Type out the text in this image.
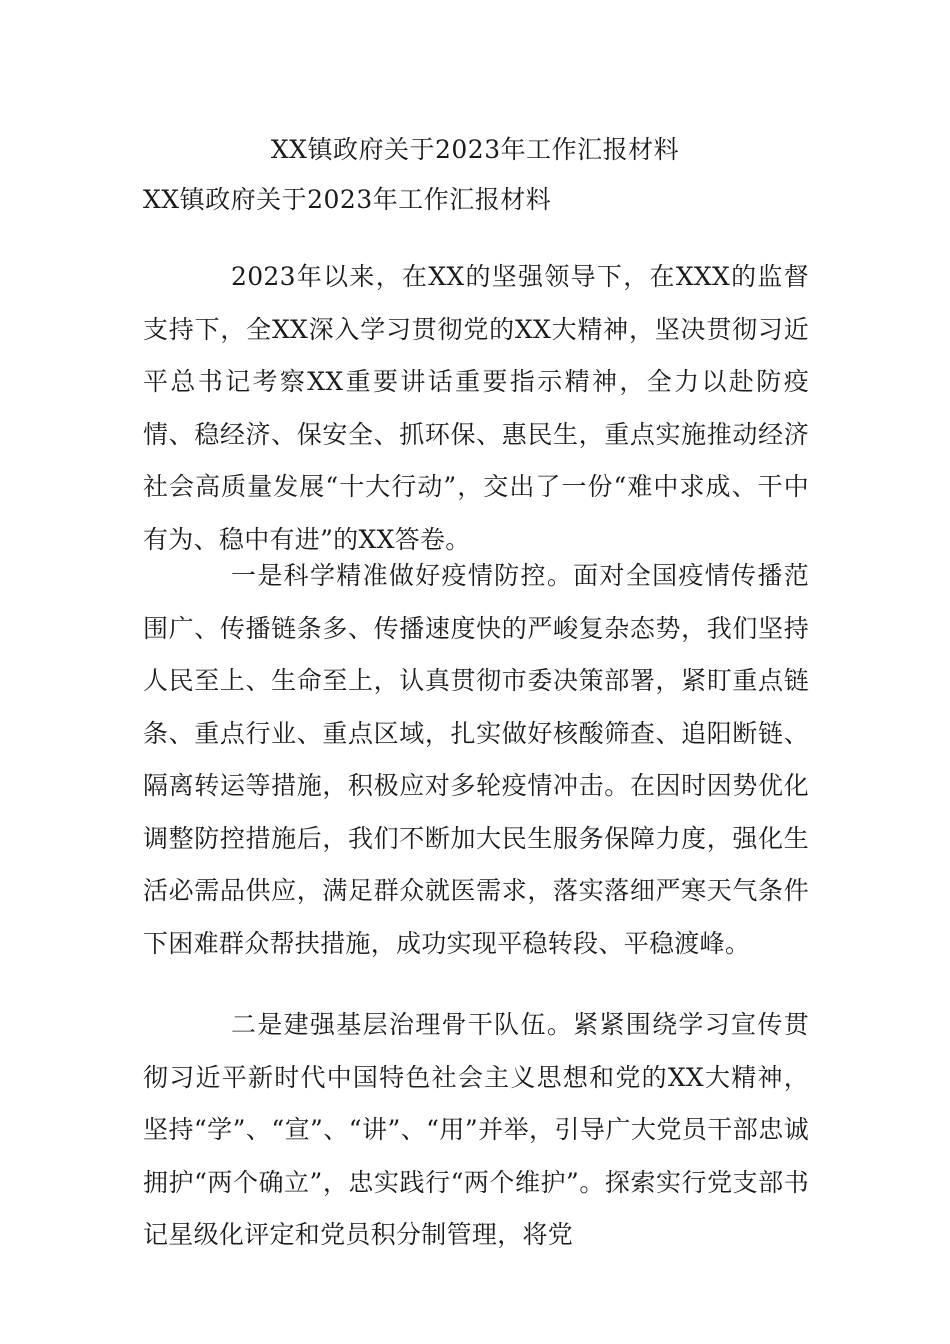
XX镇政府关于2023年工作汇报材料
XX镇政府关于2023年工作汇报材料

2023年以来，在XX的坚强领导下，在XXX的监督支持下，全XX深入学习贯彻党的XX大精神，坚决贯彻习近平总书记考察XX重要讲话重要指示精神，全力以赴防疫情、稳经济、保安全、抓环保、惠民生，重点实施推动经济社会高质量发展“十大行动”，交出了一份“难中求成、干中有为、稳中有进”的XX答卷。

一是科学精准做好疫情防控。面对全国疫情传播范围广、传播链条多、传播速度快的严峻复杂态势，我们坚持人民至上、生命至上，认真贯彻市委决策部署，紧盯重点链条、重点行业、重点区域，扎实做好核酸筛查、追阳断链、隔离转运等措施，积极应对多轮疫情冲击。在因时因势优化调整防控措施后，我们不断加大民生服务保障力度，强化生活必需品供应，满足群众就医需求，落实落细严寒天气条件下困难群众帮扶措施，成功实现平稳转段、平稳渡峰。

二是建强基层治理骨干队伍。紧紧围绕学习宣传贯彻习近平新时代中国特色社会主义思想和党的XX大精神，坚持“学”、“宣”、“讲”、“用”并举，引导广大党员干部忠诚拥护“两个确立”，忠实践行“两个维护”。探索实行党支部书记星级化评定和党员积分制管理，将党
